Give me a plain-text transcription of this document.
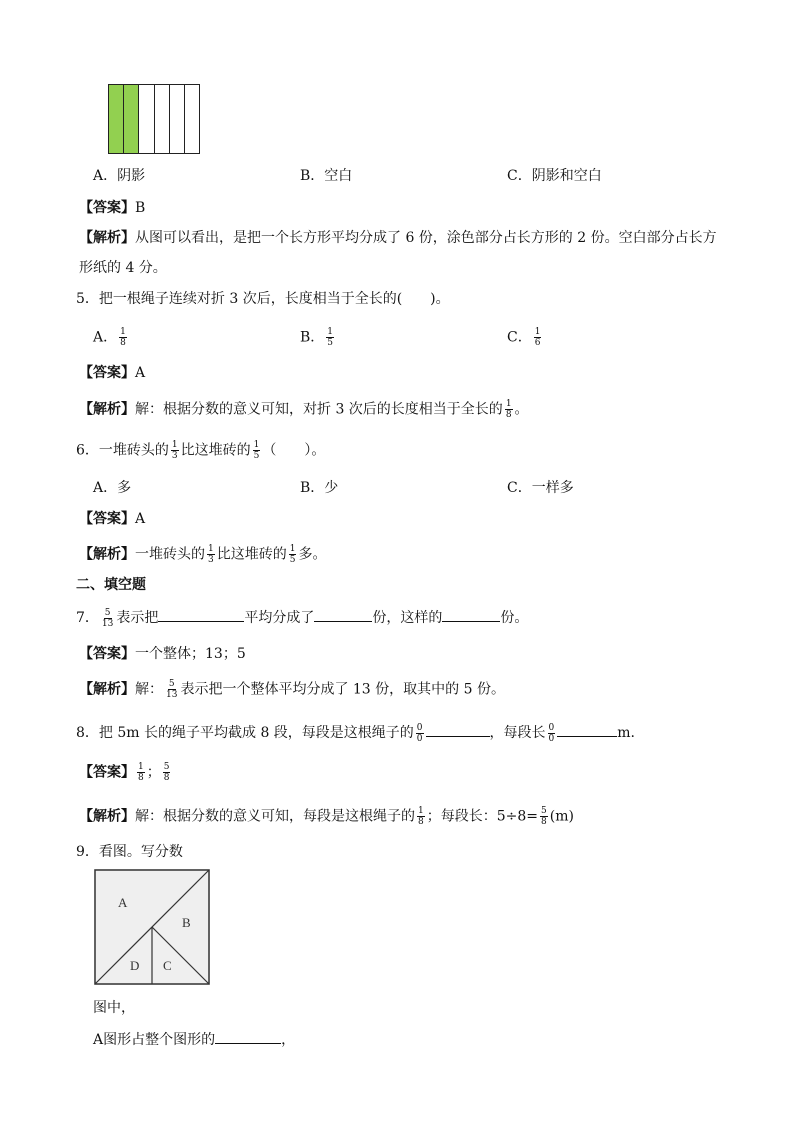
A．阴影	B．空白	C．阴影和空白
【答案】B
【解析】从图可以看出，是把一个长方形平均分成了 6 份，涂色部分占长方形的 2 份。空白部分占长方
形纸的 4 分。
5．把一根绳子连续对折 3 次后，长度相当于全长的(　　)。
A． $\frac{1}{8}$	B． $\frac{1}{5}$	C． $\frac{1}{6}$
【答案】A
【解析】解：根据分数的意义可知，对折 3 次后的长度相当于全长的 $\frac{1}{8}$ 。
6．一堆砖头的 $\frac{1}{3}$ 比这堆砖的 $\frac{1}{5}$ （　　）。
A．多	B．少	C．一样多
【答案】A
【解析】一堆砖头的 $\frac{1}{3}$ 比这堆砖的 $\frac{1}{5}$ 多。
二、填空题
7． $\frac{5}{13}$ 表示把	平均分成了	份，这样的	份。
【答案】一个整体；13；5
【解析】解： $\frac{5}{13}$ 表示把一个整体平均分成了 13 份，取其中的 5 份。
8．把 5m 长的绳子平均截成 8 段，每段是这根绳子的 $\frac{0}{0}$	，每段长 $\frac{0}{0}$	m.
【答案】 $\frac{1}{8}$ ； $\frac{5}{8}$
【解析】解：根据分数的意义可知，每段是这根绳子的 $\frac{1}{8}$ ；每段长：$5\div 8= \frac{5}{8} (m)$
9．看图。写分数
A
B
C
D
图中，
A图形占整个图形的	，
